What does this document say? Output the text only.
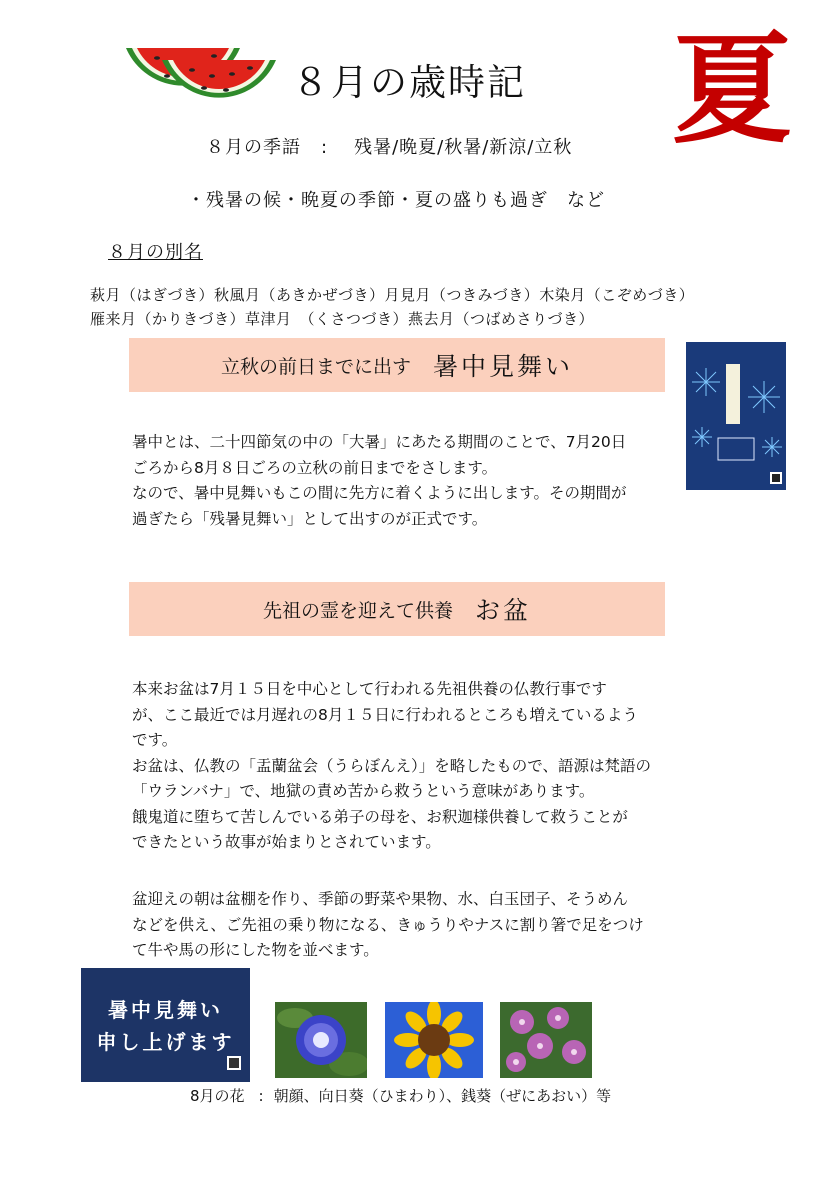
８月の歳時記 夏
８月の季語 : 残暑/晩夏/秋暑/新涼/立秋
・残暑の候・晩夏の季節・夏の盛りも過ぎ　など
８月の別名
萩月（はぎづき）秋風月（あきかぜづき）月見月（つきみづき）木染月（こぞめづき）
雁来月（かりきづき）草津月　（くさつづき）燕去月（つばめさりづき）
立秋の前日までに出す 暑中見舞い
暑中とは、二十四節気の中の「大暑」にあたる期間のことで、7月20日
ごろから8月８日ごろの立秋の前日までをさします。
なので、暑中見舞いもこの間に先方に着くように出します。その期間が
過ぎたら「残暑見舞い」として出すのが正式です。
先祖の霊を迎えて供養 お盆
本来お盆は7月１５日を中心として行われる先祖供養の仏教行事です
が、ここ最近では月遅れの8月１５日に行われるところも増えているよう
です。
お盆は、仏教の「盂蘭盆会（うらぼんえ）」を略したもので、語源は梵語の
「ウランバナ」で、地獄の責め苦から救うという意味があります。
餓鬼道に堕ちて苦しんでいる弟子の母を、お釈迦様供養して救うことが
できたという故事が始まりとされています。
盆迎えの朝は盆棚を作り、季節の野菜や果物、水、白玉団子、そうめん
などを供え、ご先祖の乗り物になる、きゅうりやナスに割り箸で足をつけ
て牛や馬の形にした物を並べます。
暑中見舞い
申し上げます
8月の花 : 朝顔、向日葵（ひまわり）、銭葵（ぜにあおい）等
